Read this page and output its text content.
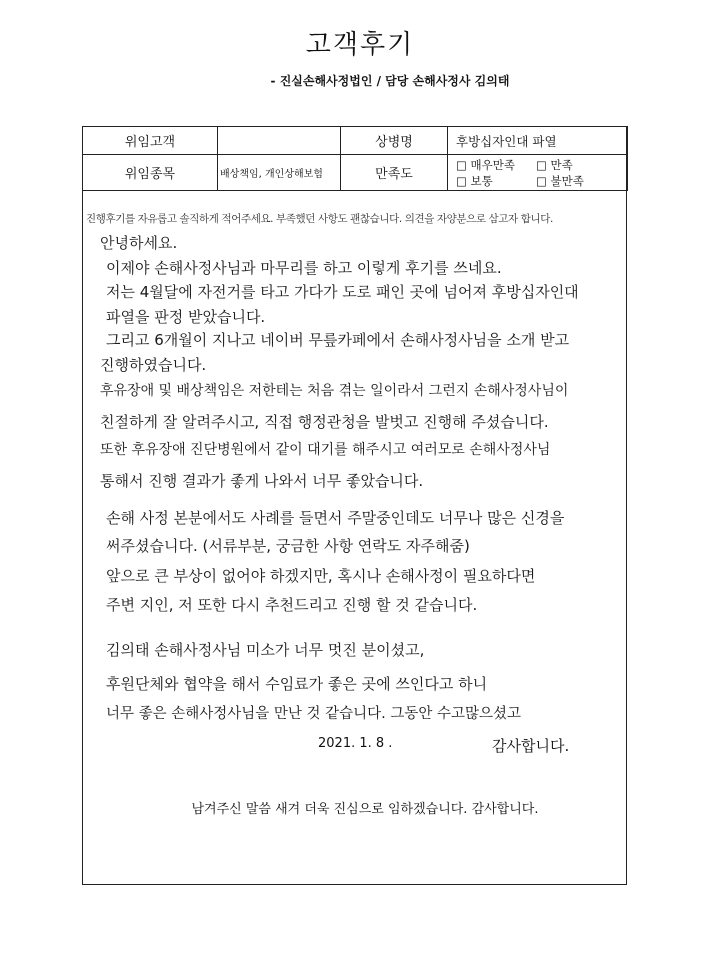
고객후기
- 진실손해사정법인 / 담당 손해사정사 김의태
위임고객		상병명	후방십자인대 파열
위임종목	배상책임, 개인상해보험	만족도	□ 매우만족 □ 만족
□ 보통 □ 불만족
진행후기를 자유롭고 솔직하게 적어주세요. 부족했던 사항도 괜찮습니다. 의견을 자양분으로 삼고자 합니다.
안녕하세요.
이제야 손해사정사님과 마무리를 하고 이렇게 후기를 쓰네요.
저는 4월달에 자전거를 타고 가다가 도로 패인 곳에 넘어져 후방십자인대
파열을 판정 받았습니다.
그리고 6개월이 지나고 네이버 무릎카페에서 손해사정사님을 소개 받고
진행하였습니다.
후유장애 및 배상책임은 저한테는 처음 겪는 일이라서 그런지 손해사정사님이
친절하게 잘 알려주시고, 직접 행정관청을 발벗고 진행해 주셨습니다.
또한 후유장애 진단병원에서 같이 대기를 해주시고 여러모로 손해사정사님
통해서 진행 결과가 좋게 나와서 너무 좋았습니다.
손해 사정 본분에서도 사례를 들면서 주말중인데도 너무나 많은 신경을
써주셨습니다. (서류부분, 궁금한 사항 연락도 자주해줌)
앞으로 큰 부상이 없어야 하겠지만, 혹시나 손해사정이 필요하다면
주변 지인, 저 또한 다시 추천드리고 진행 할 것 같습니다.
김의태 손해사정사님 미소가 너무 멋진 분이셨고,
후원단체와 협약을 해서 수임료가 좋은 곳에 쓰인다고 하니
너무 좋은 손해사정사님을 만난 것 같습니다. 그동안 수고많으셨고
2021. 1. 8 .	감사합니다.
남겨주신 말씀 새겨 더욱 진심으로 임하겠습니다. 감사합니다.
